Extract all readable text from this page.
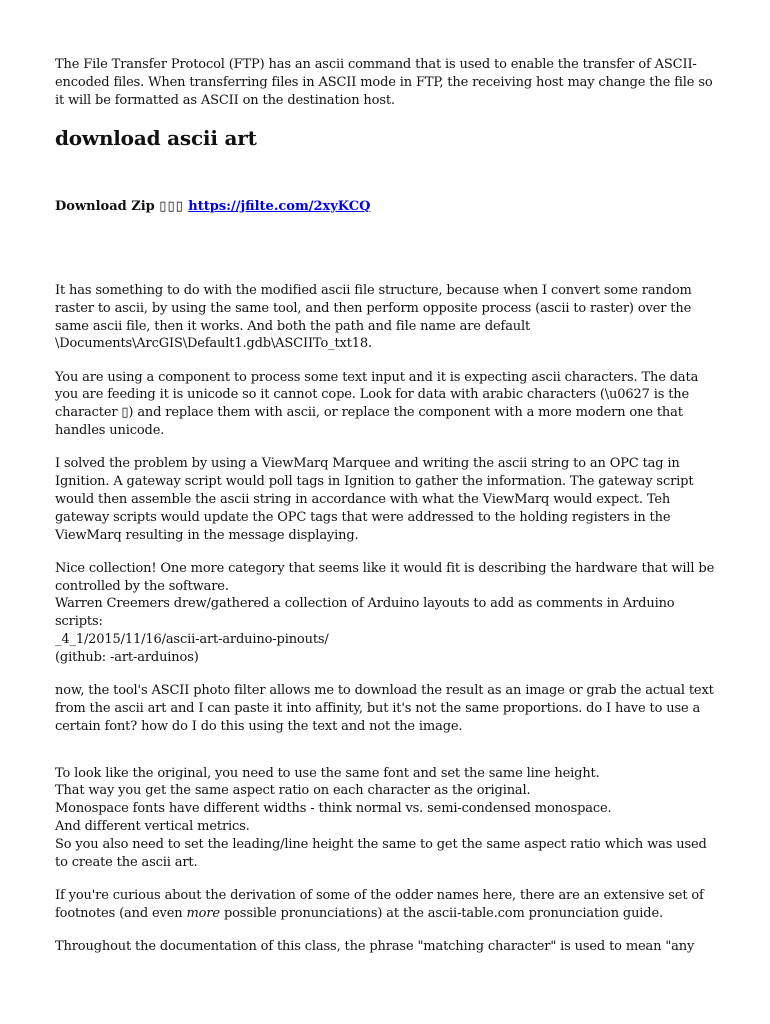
The File Transfer Protocol (FTP) has an ascii command that is used to enable the transfer of ASCII-encoded files. When transferring files in ASCII mode in FTP, the receiving host may change the file so it will be formatted as ASCII on the destination host.

download ascii art
Download Zip ▯▯▯ https://jfilte.com/2xyKCQ

It has something to do with the modified ascii file structure, because when I convert some random raster to ascii, by using the same tool, and then perform opposite process (ascii to raster) over the same ascii file, then it works. And both the path and file name are default \Documents\ArcGIS\Default1.gdb\ASCIITo_txt18.

You are using a component to process some text input and it is expecting ascii characters. The data you are feeding it is unicode so it cannot cope. Look for data with arabic characters (\u0627 is the character ▯) and replace them with ascii, or replace the component with a more modern one that handles unicode.

I solved the problem by using a ViewMarq Marquee and writing the ascii string to an OPC tag in Ignition. A gateway script would poll tags in Ignition to gather the information. The gateway script would then assemble the ascii string in accordance with what the ViewMarq would expect. Teh gateway scripts would update the OPC tags that were addressed to the holding registers in the ViewMarq resulting in the message displaying.

Nice collection! One more category that seems like it would fit is describing the hardware that will be controlled by the software.
Warren Creemers drew/gathered a collection of Arduino layouts to add as comments in Arduino scripts:
_4_1/2015/11/16/ascii-art-arduino-pinouts/
(github: -art-arduinos)

now, the tool's ASCII photo filter allows me to download the result as an image or grab the actual text from the ascii art and I can paste it into affinity, but it's not the same proportions. do I have to use a certain font? how do I do this using the text and not the image.

To look like the original, you need to use the same font and set the same line height.
That way you get the same aspect ratio on each character as the original.
Monospace fonts have different widths - think normal vs. semi-condensed monospace.
And different vertical metrics.
So you also need to set the leading/line height the same to get the same aspect ratio which was used to create the ascii art.

If you're curious about the derivation of some of the odder names here, there are an extensive set of footnotes (and even more possible pronunciations) at the ascii-table.com pronunciation guide.

Throughout the documentation of this class, the phrase "matching character" is used to mean "any
